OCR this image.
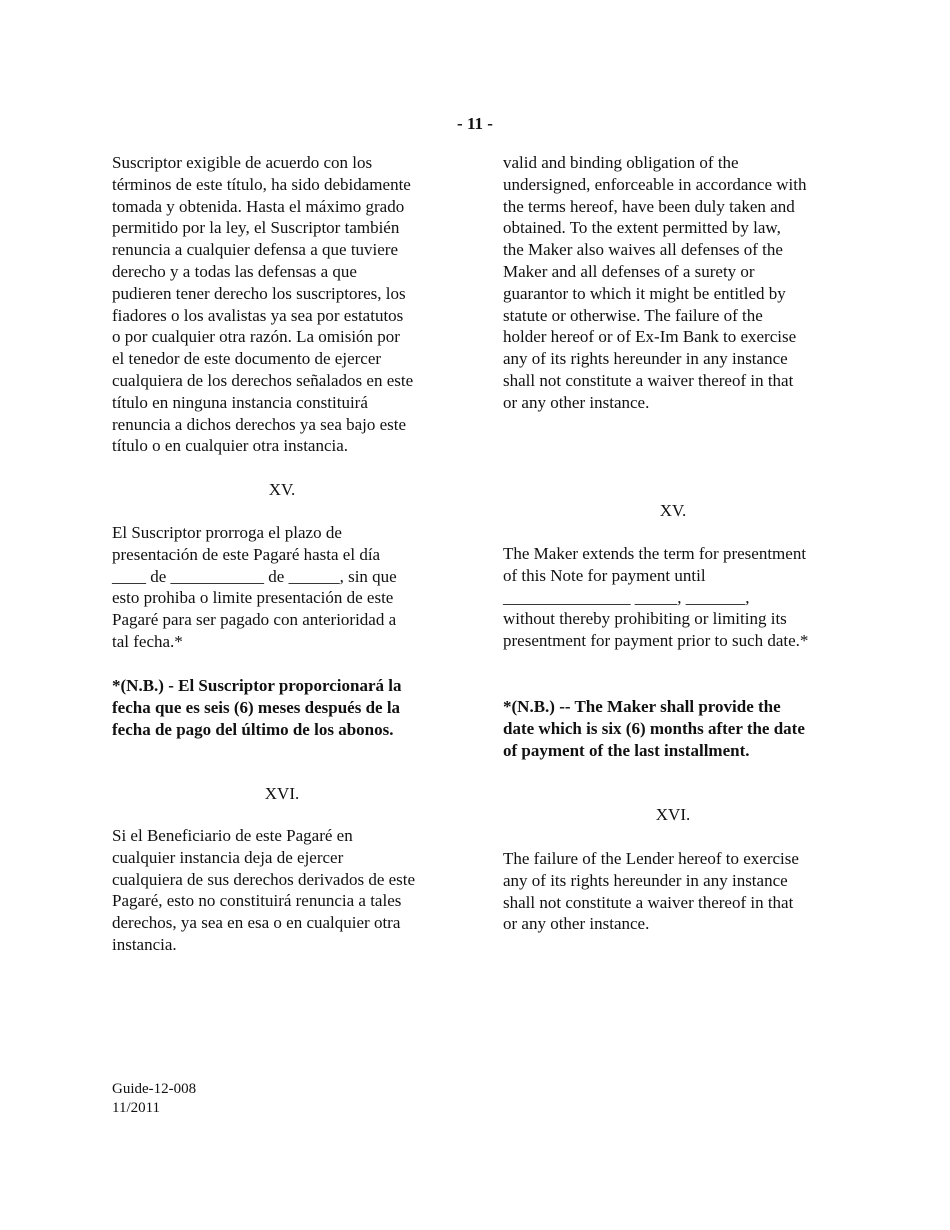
- 11 -
Suscriptor exigible de acuerdo con los
términos de este título, ha sido debidamente
tomada y obtenida. Hasta el máximo grado
permitido por la ley, el Suscriptor también
renuncia a cualquier defensa a que tuviere
derecho y a todas las defensas a que
pudieren tener derecho los suscriptores, los
fiadores o los avalistas ya sea por estatutos
o por cualquier otra razón. La omisión por
el tenedor de este documento de ejercer
cualquiera de los derechos señalados en este
título en ninguna instancia constituirá
renuncia a dichos derechos ya sea bajo este
título o en cualquier otra instancia.
XV.
El Suscriptor prorroga el plazo de
presentación de este Pagaré hasta el día
____ de ___________ de ______, sin que
esto prohiba o limite presentación de este
Pagaré para ser pagado con anterioridad a
tal fecha.*
*(N.B.) - El Suscriptor proporcionará la
fecha que es seis (6) meses después de la
fecha de pago del último de los abonos.
XVI.
Si el Beneficiario de este Pagaré en
cualquier instancia deja de ejercer
cualquiera de sus derechos derivados de este
Pagaré, esto no constituirá renuncia a tales
derechos, ya sea en esa o en cualquier otra
instancia.
valid and binding obligation of the
undersigned, enforceable in accordance with
the terms hereof, have been duly taken and
obtained. To the extent permitted by law,
the Maker also waives all defenses of the
Maker and all defenses of a surety or
guarantor to which it might be entitled by
statute or otherwise. The failure of the
holder hereof or of Ex-Im Bank to exercise
any of its rights hereunder in any instance
shall not constitute a waiver thereof in that
or any other instance.
XV.
The Maker extends the term for presentment
of this Note for payment until
_______________ _____, _______,
without thereby prohibiting or limiting its
presentment for payment prior to such date.*
*(N.B.) -- The Maker shall provide the
date which is six (6) months after the date
of payment of the last installment.
XVI.
The failure of the Lender hereof to exercise
any of its rights hereunder in any instance
shall not constitute a waiver thereof in that
or any other instance.
Guide-12-008
11/2011
